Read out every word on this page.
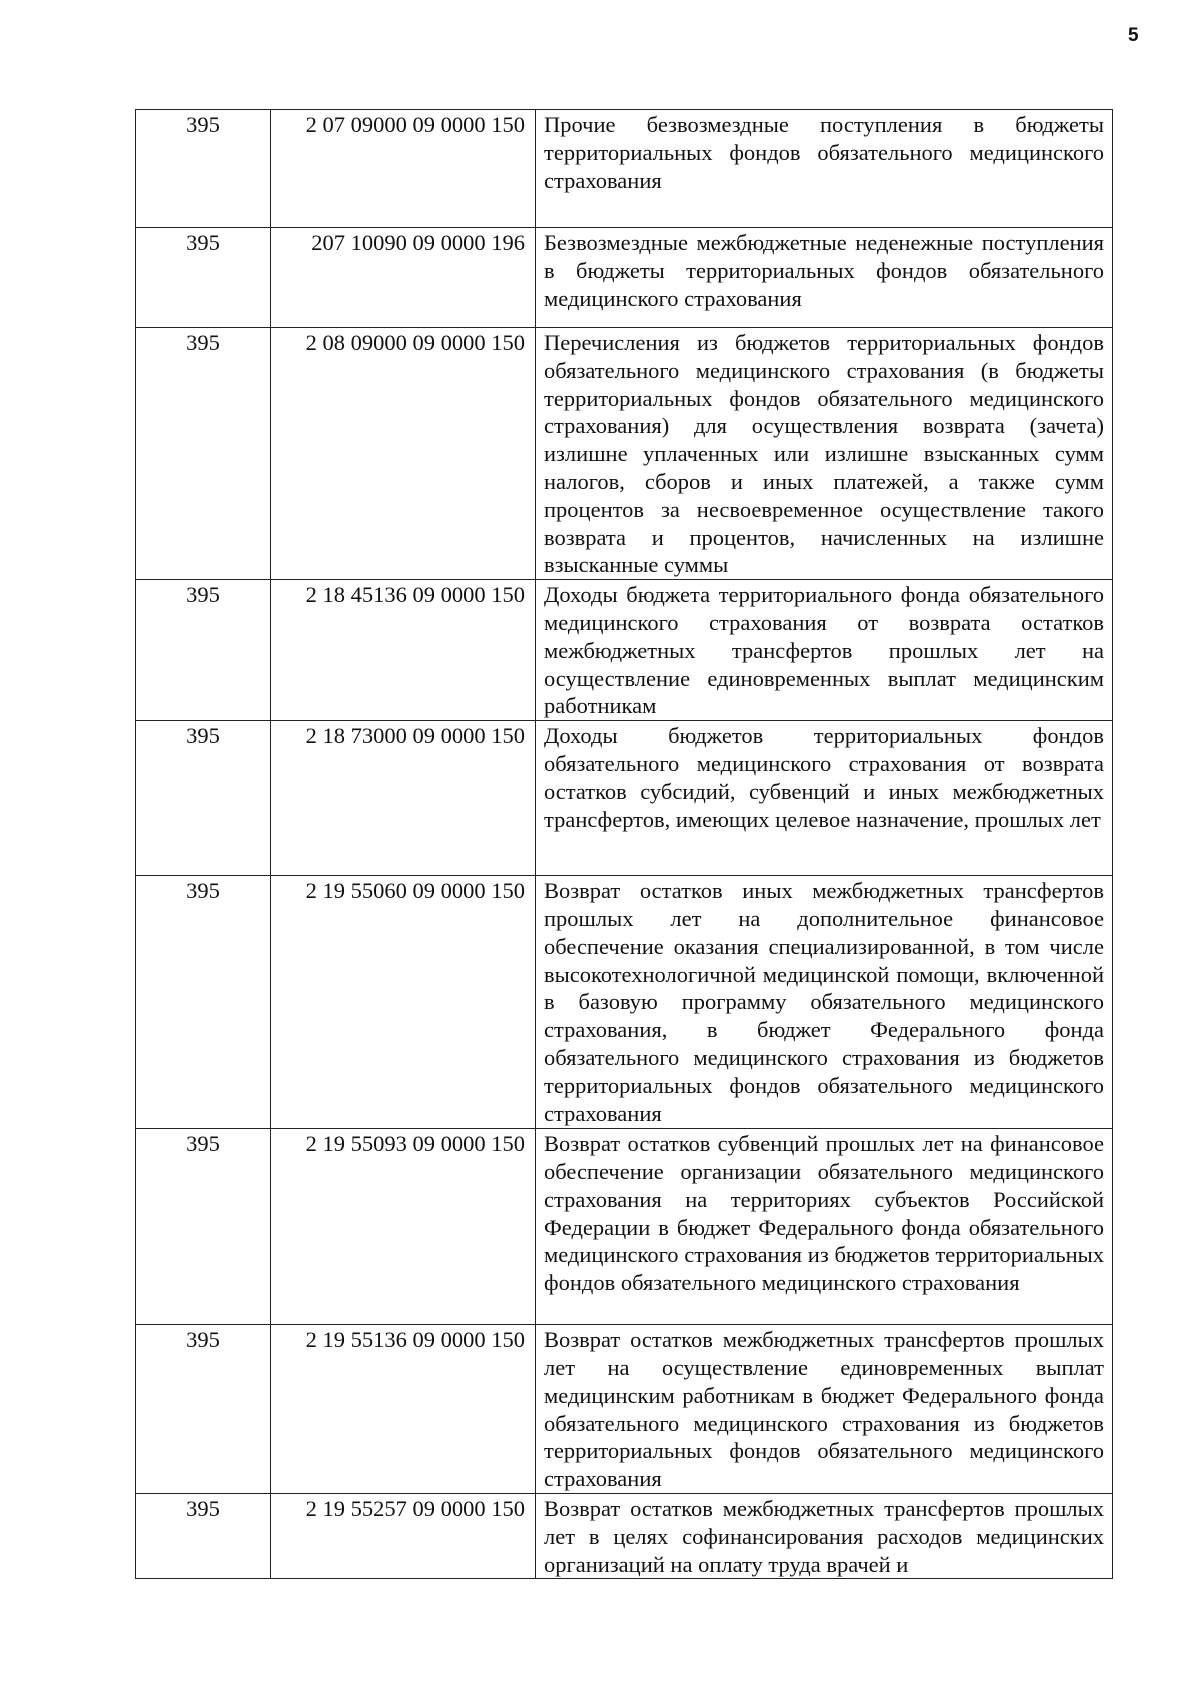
5
395	2 07 09000 09 0000 150	Прочие безвозмездные поступления в бюджеты территориальных фондов обязательного медицинского страхования
395	207 10090 09 0000 196	Безвозмездные межбюджетные неденежные поступления в бюджеты территориальных фондов обязательного медицинского страхования
395	2 08 09000 09 0000 150	Перечисления из бюджетов территориальных фондов обязательного медицинского страхования (в бюджеты территориальных фондов обязательного медицинского страхования) для осуществления возврата (зачета) излишне уплаченных или излишне взысканных сумм налогов, сборов и иных платежей, а также сумм процентов за несвоевременное осуществление такого возврата и процентов, начисленных на излишне взысканные суммы
395	2 18 45136 09 0000 150	Доходы бюджета территориального фонда обязательного медицинского страхования от возврата остатков межбюджетных трансфертов прошлых лет на осуществление единовременных выплат медицинским работникам
395	2 18 73000 09 0000 150	Доходы бюджетов территориальных фондов обязательного медицинского страхования от возврата остатков субсидий, субвенций и иных межбюджетных трансфертов, имеющих целевое назначение, прошлых лет
395	2 19 55060 09 0000 150	Возврат остатков иных межбюджетных трансфертов прошлых лет на дополнительное финансовое обеспечение оказания специализированной, в том числе высокотехнологичной медицинской помощи, включенной в базовую программу обязательного медицинского страхования, в бюджет Федерального фонда обязательного медицинского страхования из бюджетов территориальных фондов обязательного медицинского страхования
395	2 19 55093 09 0000 150	Возврат остатков субвенций прошлых лет на финансовое обеспечение организации обязательного медицинского страхования на территориях субъектов Российской Федерации в бюджет Федерального фонда обязательного медицинского страхования из бюджетов территориальных фондов обязательного медицинского страхования
395	2 19 55136 09 0000 150	Возврат остатков межбюджетных трансфертов прошлых лет на осуществление единовременных выплат медицинским работникам в бюджет Федерального фонда обязательного медицинского страхования из бюджетов территориальных фондов обязательного медицинского страхования
395	2 19 55257 09 0000 150	Возврат остатков межбюджетных трансфертов прошлых лет в целях софинансирования расходов медицинских организаций на оплату труда врачей и
